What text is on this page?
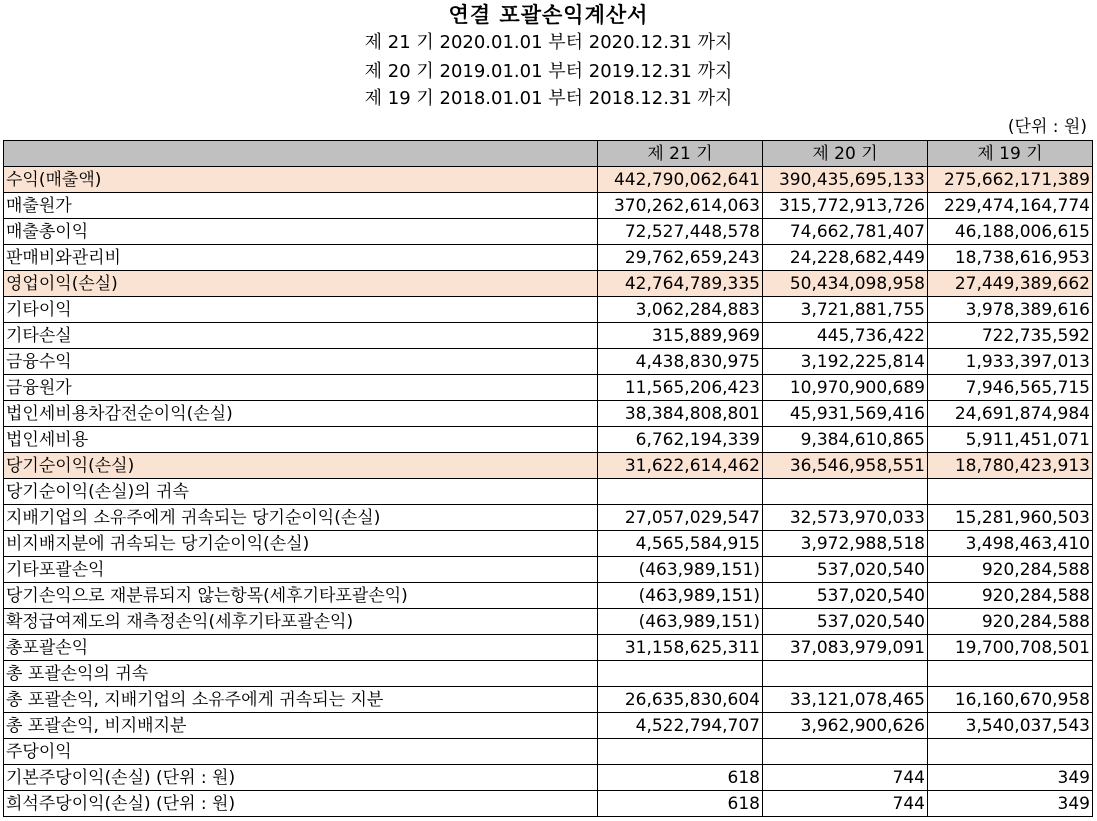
연결 포괄손익계산서
제 21 기 2020.01.01 부터 2020.12.31 까지
제 20 기 2019.01.01 부터 2019.12.31 까지
제 19 기 2018.01.01 부터 2018.12.31 까지
(단위 : 원)
	제 21 기	제 20 기	제 19 기
수익(매출액)	442,790,062,641	390,435,695,133	275,662,171,389
매출원가	370,262,614,063	315,772,913,726	229,474,164,774
매출총이익	72,527,448,578	74,662,781,407	46,188,006,615
판매비와관리비	29,762,659,243	24,228,682,449	18,738,616,953
영업이익(손실)	42,764,789,335	50,434,098,958	27,449,389,662
기타이익	3,062,284,883	3,721,881,755	3,978,389,616
기타손실	315,889,969	445,736,422	722,735,592
금융수익	4,438,830,975	3,192,225,814	1,933,397,013
금융원가	11,565,206,423	10,970,900,689	7,946,565,715
법인세비용차감전순이익(손실)	38,384,808,801	45,931,569,416	24,691,874,984
법인세비용	6,762,194,339	9,384,610,865	5,911,451,071
당기순이익(손실)	31,622,614,462	36,546,958,551	18,780,423,913
당기순이익(손실)의 귀속			
지배기업의 소유주에게 귀속되는 당기순이익(손실)	27,057,029,547	32,573,970,033	15,281,960,503
비지배지분에 귀속되는 당기순이익(손실)	4,565,584,915	3,972,988,518	3,498,463,410
기타포괄손익	(463,989,151)	537,020,540	920,284,588
당기손익으로 재분류되지 않는항목(세후기타포괄손익)	(463,989,151)	537,020,540	920,284,588
확정급여제도의 재측정손익(세후기타포괄손익)	(463,989,151)	537,020,540	920,284,588
총포괄손익	31,158,625,311	37,083,979,091	19,700,708,501
총 포괄손익의 귀속			
총 포괄손익, 지배기업의 소유주에게 귀속되는 지분	26,635,830,604	33,121,078,465	16,160,670,958
총 포괄손익, 비지배지분	4,522,794,707	3,962,900,626	3,540,037,543
주당이익			
기본주당이익(손실) (단위 : 원)	618	744	349
희석주당이익(손실) (단위 : 원)	618	744	349
